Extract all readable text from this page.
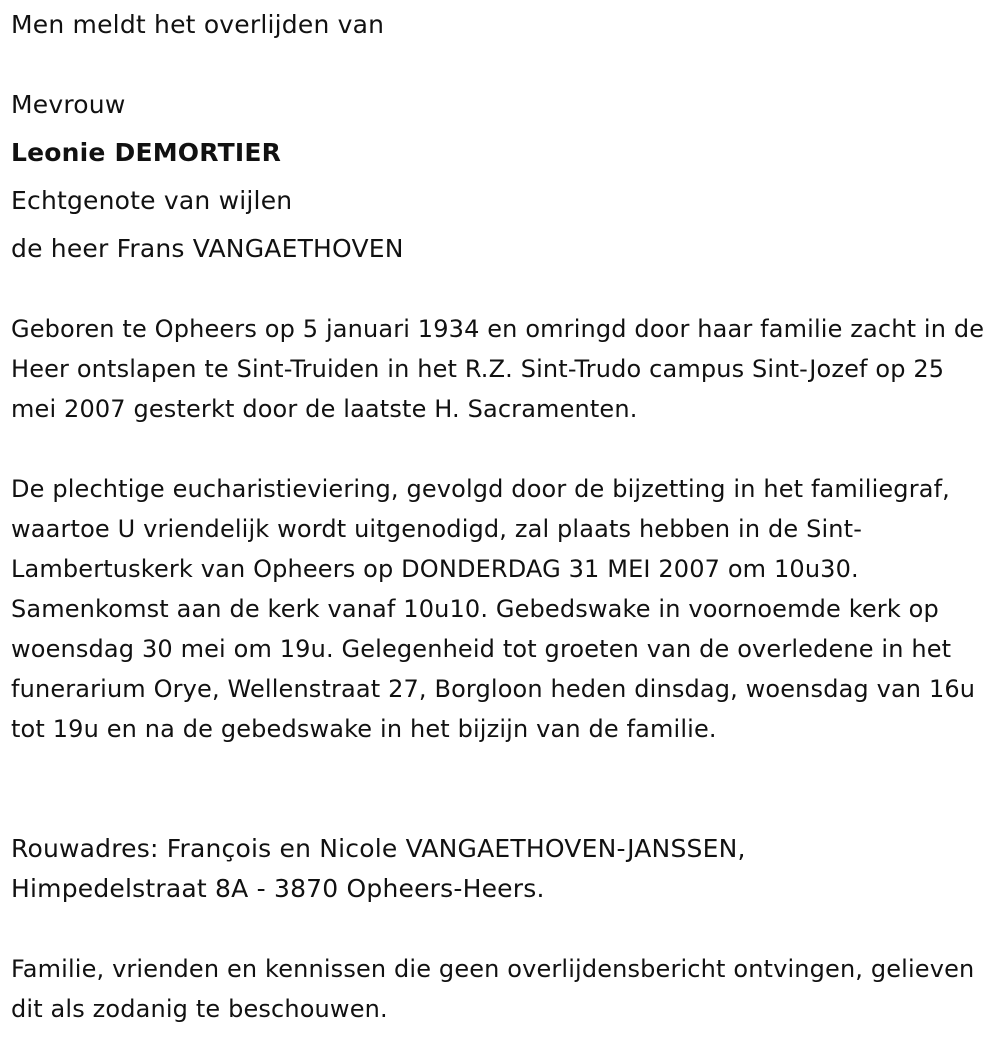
Men meldt het overlijden van
Mevrouw
Leonie DEMORTIER
Echtgenote van wijlen
de heer Frans VANGAETHOVEN
Geboren te Opheers op 5 januari 1934 en omringd door haar familie zacht in de Heer ontslapen te Sint-Truiden in het R.Z. Sint-Trudo campus Sint-Jozef op 25 mei 2007 gesterkt door de laatste H. Sacramenten.
De plechtige eucharistieviering, gevolgd door de bijzetting in het familiegraf, waartoe U vriendelijk wordt uitgenodigd, zal plaats hebben in de Sint-Lambertuskerk van Opheers op DONDERDAG 31 MEI 2007 om 10u30. Samenkomst aan de kerk vanaf 10u10. Gebedswake in voornoemde kerk op woensdag 30 mei om 19u. Gelegenheid tot groeten van de overledene in het funerarium Orye, Wellenstraat 27, Borgloon heden dinsdag, woensdag van 16u tot 19u en na de gebedswake in het bijzijn van de familie.
Rouwadres: François en Nicole VANGAETHOVEN-JANSSEN,
Himpedelstraat 8A - 3870 Opheers-Heers.
Familie, vrienden en kennissen die geen overlijdensbericht ontvingen, gelieven dit als zodanig te beschouwen.
